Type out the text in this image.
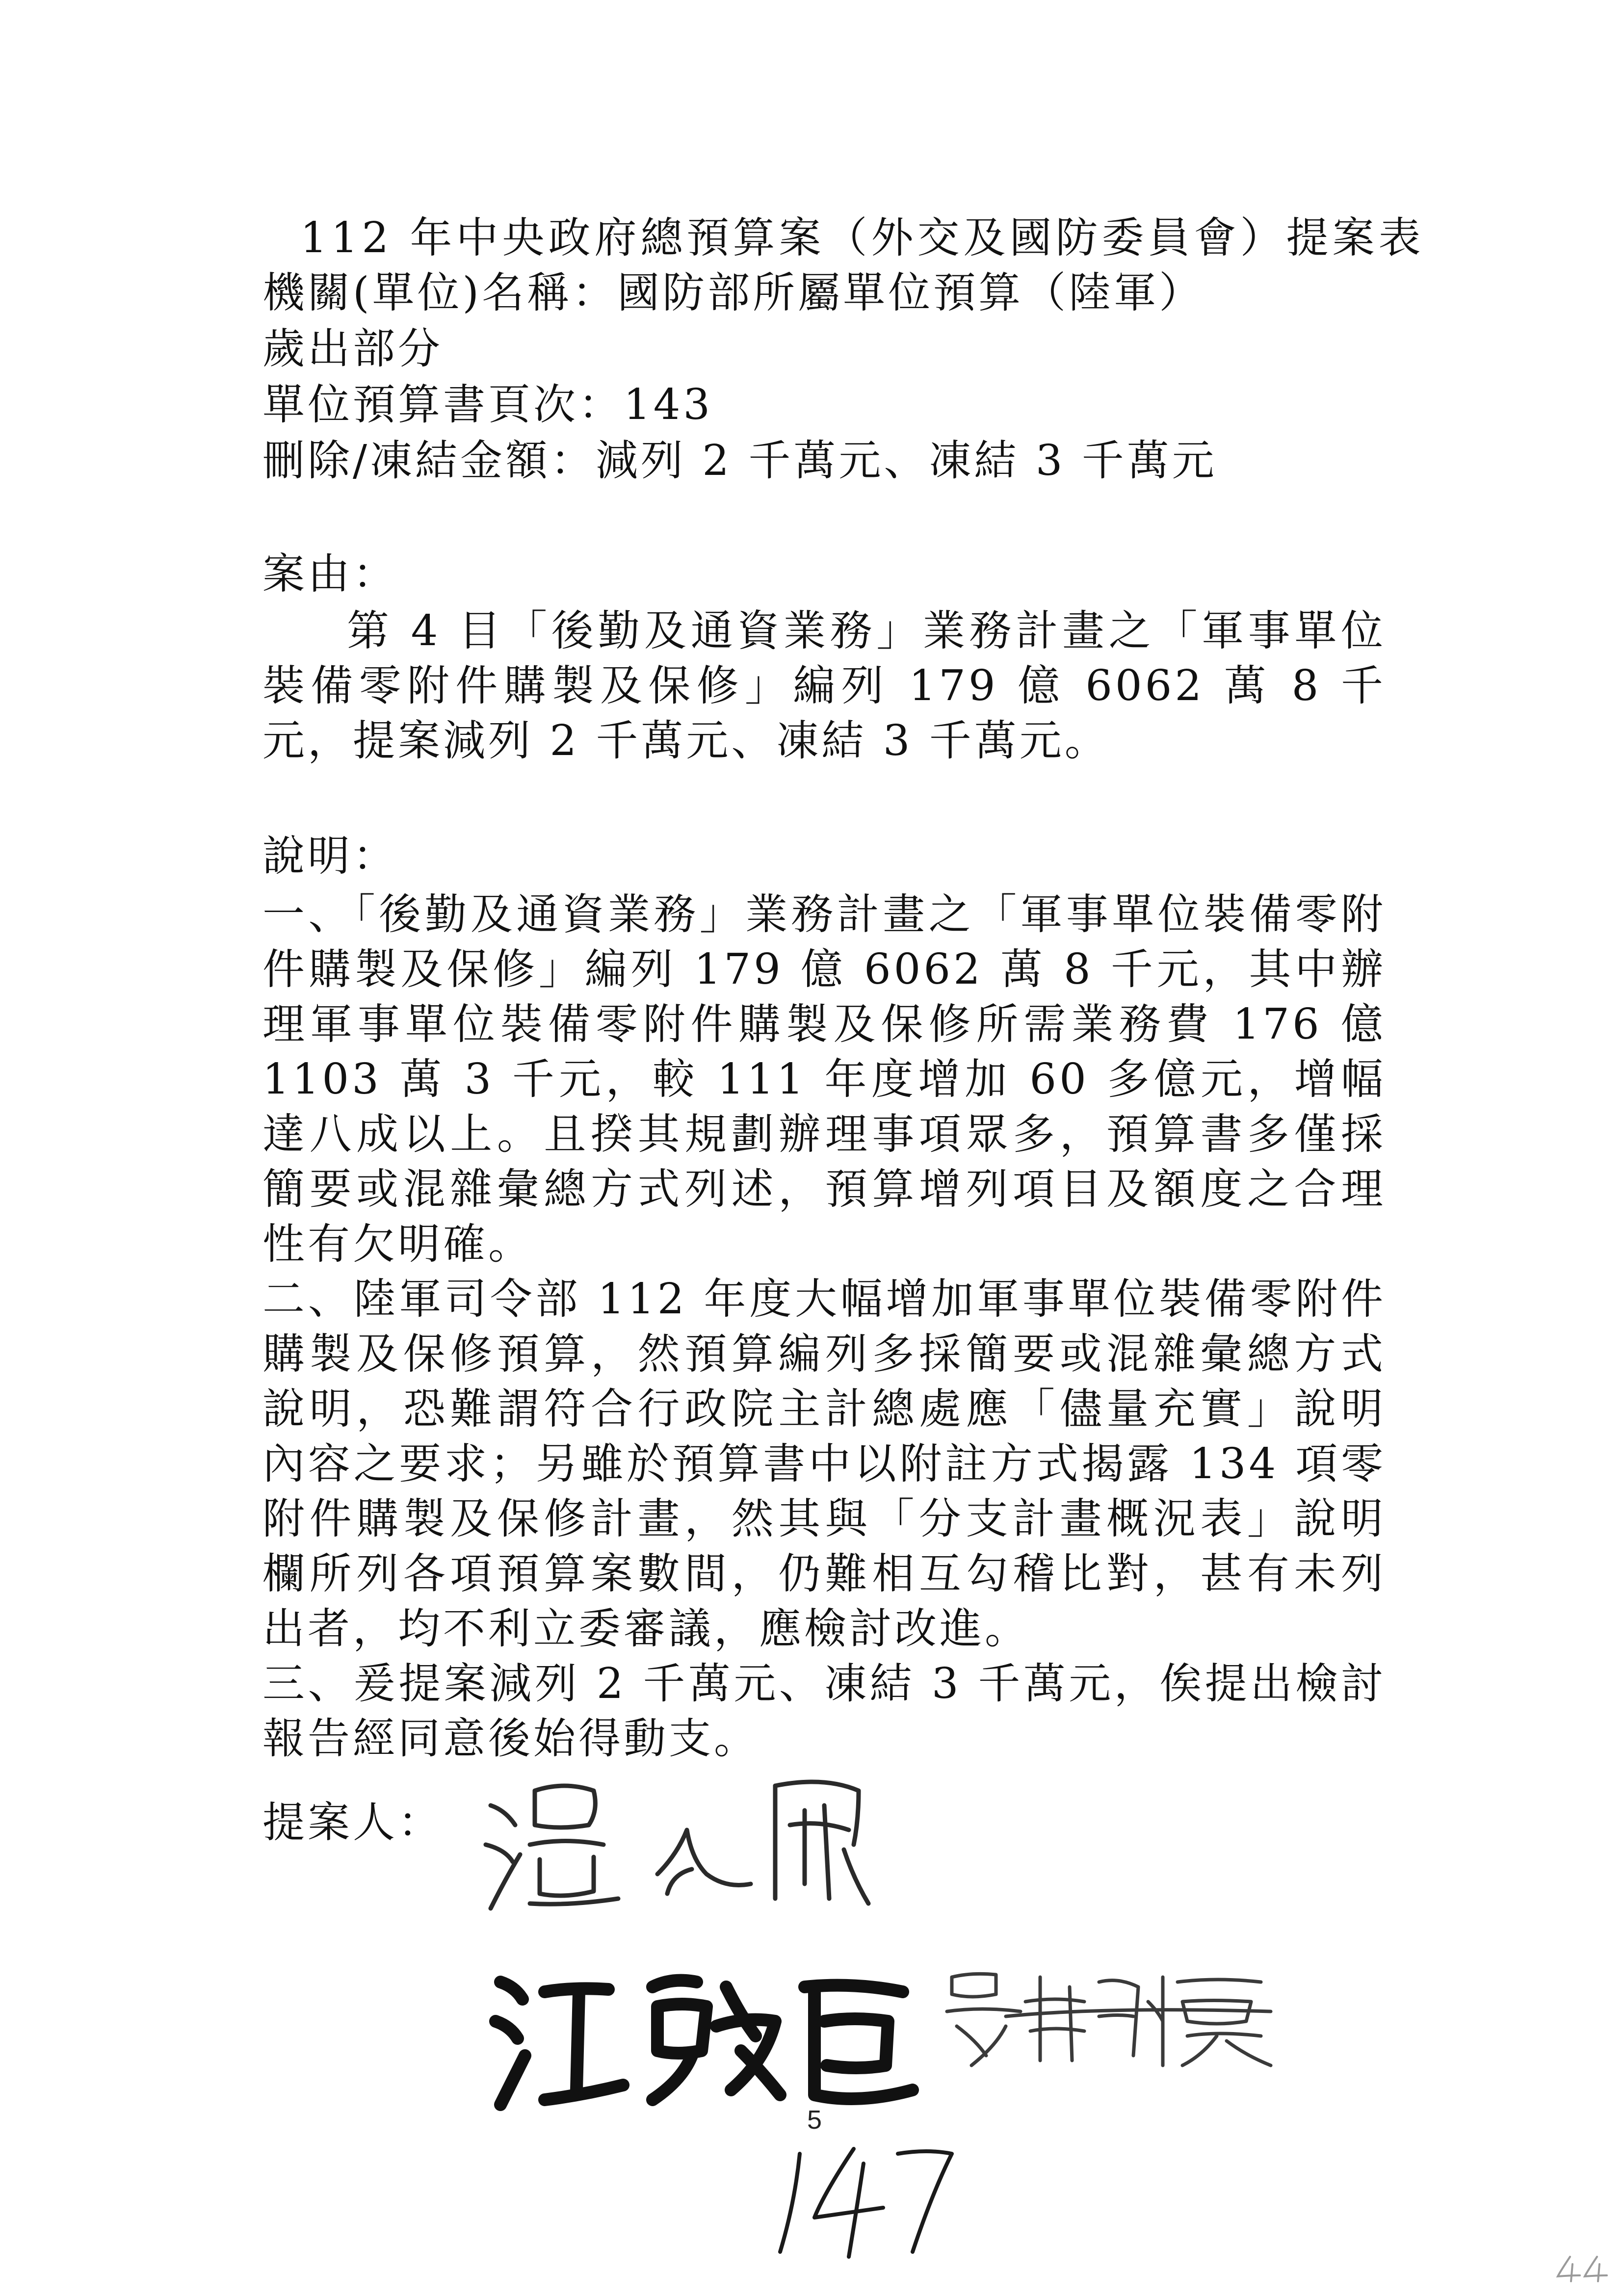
112 年中央政府總預算案（外交及國防委員會）提案表
機關(單位)名稱：國防部所屬單位預算（陸軍）
歲出部分
單位預算書頁次：143
刪除/凍結金額：減列 2 千萬元、凍結 3 千萬元
案由：

第 4 目「後勤及通資業務」業務計畫之「軍事單位裝備零附件購製及保修」編列 179 億 6062 萬 8 千元，提案減列 2 千萬元、凍結 3 千萬元。

說明：

一、「後勤及通資業務」業務計畫之「軍事單位裝備零附件購製及保修」編列 179 億 6062 萬 8 千元，其中辦理軍事單位裝備零附件購製及保修所需業務費 176 億 1103 萬 3 千元，較 111 年度增加 60 多億元，增幅達八成以上。且揆其規劃辦理事項眾多，預算書多僅採簡要或混雜彙總方式列述，預算增列項目及額度之合理性有欠明確。

二、陸軍司令部 112 年度大幅增加軍事單位裝備零附件購製及保修預算，然預算編列多採簡要或混雜彙總方式說明，恐難謂符合行政院主計總處應「儘量充實」說明內容之要求；另雖於預算書中以附註方式揭露 134 項零附件購製及保修計畫，然其與「分支計畫概況表」說明欄所列各項預算案數間，仍難相互勾稽比對，甚有未列出者，均不利立委審議，應檢討改進。

三、爰提案減列 2 千萬元、凍結 3 千萬元，俟提出檢討報告經同意後始得動支。

提案人：
5
